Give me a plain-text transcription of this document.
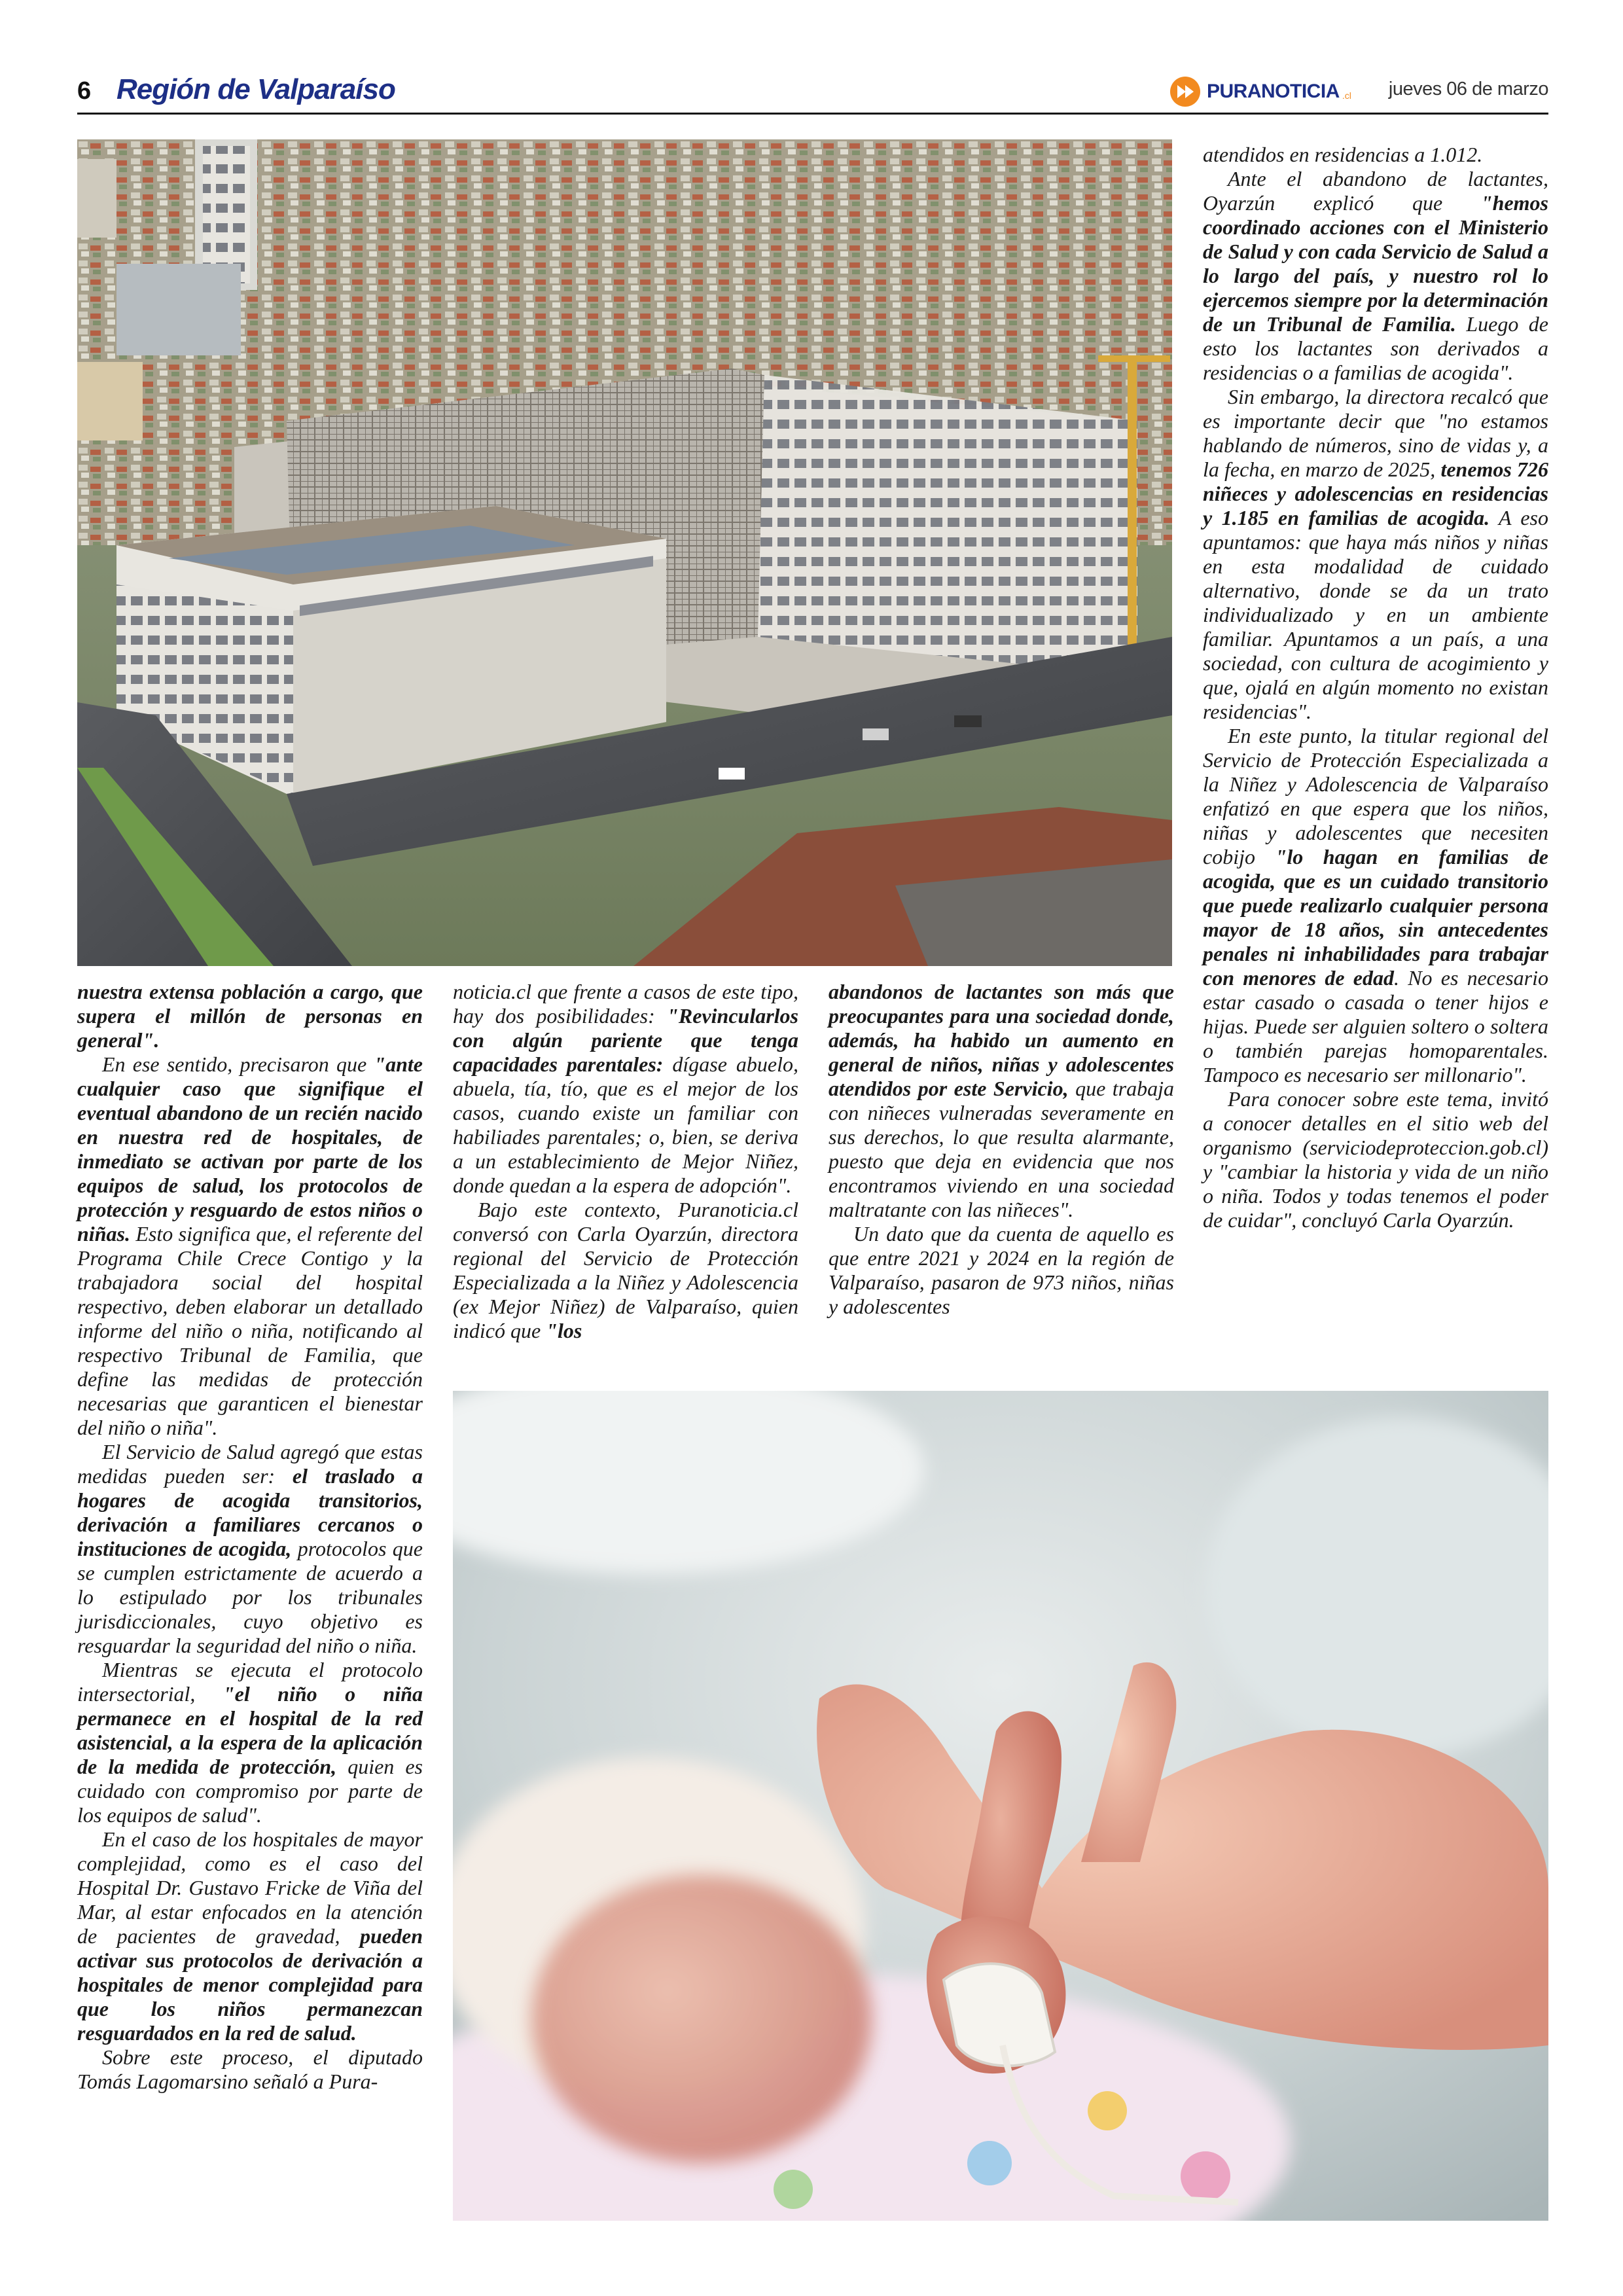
6 Región de Valparaíso	PURANOTICIA .cl jueves 06 de marzo

nuestra extensa población a cargo, que supera el millón de personas en general".

En ese sentido, precisaron que "ante cualquier caso que signifique el eventual abandono de un recién nacido en nuestra red de hospitales, de inmediato se activan por parte de los equipos de salud, los protocolos de protección y resguardo de estos niños o niñas. Esto significa que, el referente del Programa Chile Crece Contigo y la trabajadora social del hospital respectivo, deben elaborar un detallado informe del niño o niña, notificando al respectivo Tribunal de Familia, que define las medidas de protección necesarias que garanticen el bienestar del niño o niña".

El Servicio de Salud agregó que estas medidas pueden ser: el traslado a hogares de acogida transitorios, derivación a familiares cercanos o instituciones de acogida, protocolos que se cumplen estrictamente de acuerdo a lo estipulado por los tribunales jurisdiccionales, cuyo objetivo es resguardar la seguridad del niño o niña.

Mientras se ejecuta el protocolo intersectorial, "el niño o niña permanece en el hospital de la red asistencial, a la espera de la aplicación de la medida de protección, quien es cuidado con compromiso por parte de los equipos de salud".

En el caso de los hospitales de mayor complejidad, como es el caso del Hospital Dr. Gustavo Fricke de Viña del Mar, al estar enfocados en la atención de pacientes de gravedad, pueden activar sus protocolos de derivación a hospitales de menor complejidad para que los niños permanezcan resguardados en la red de salud.

Sobre este proceso, el diputado Tomás Lagomarsino señaló a Pura-

noticia.cl que frente a casos de este tipo, hay dos posibilidades: "Revincularlos con algún pariente que tenga capacidades parentales: dígase abuelo, abuela, tía, tío, que es el mejor de los casos, cuando existe un familiar con habiliades parentales; o, bien, se deriva a un establecimiento de Mejor Niñez, donde quedan a la espera de adopción".

Bajo este contexto, Puranoticia.cl conversó con Carla Oyarzún, directora regional del Servicio de Protección Especializada a la Niñez y Adolescencia (ex Mejor Niñez) de Valparaíso, quien indicó que "los

abandonos de lactantes son más que preocupantes para una sociedad donde, además, ha habido un aumento en general de niños, niñas y adolescentes atendidos por este Servicio, que trabaja con niñeces vulneradas severamente en sus derechos, lo que resulta alarmante, puesto que deja en evidencia que nos encontramos viviendo en una sociedad maltratante con las niñeces".

Un dato que da cuenta de aquello es que entre 2021 y 2024 en la región de Valparaíso, pasaron de 973 niños, niñas y adolescentes

atendidos en residencias a 1.012.

Ante el abandono de lactantes, Oyarzún explicó que "hemos coordinado acciones con el Ministerio de Salud y con cada Servicio de Salud a lo largo del país, y nuestro rol lo ejercemos siempre por la determinación de un Tribunal de Familia. Luego de esto los lactantes son derivados a residencias o a familias de acogida".

Sin embargo, la directora recalcó que es importante decir que "no estamos hablando de números, sino de vidas y, a la fecha, en marzo de 2025, tenemos 726 niñeces y adolescencias en residencias y 1.185 en familias de acogida. A eso apuntamos: que haya más niños y niñas en esta modalidad de cuidado alternativo, donde se da un trato individualizado y en un ambiente familiar. Apuntamos a un país, a una sociedad, con cultura de acogimiento y que, ojalá en algún momento no existan residencias".

En este punto, la titular regional del Servicio de Protección Especializada a la Niñez y Adolescencia de Valparaíso enfatizó en que espera que los niños, niñas y adolescentes que necesiten cobijo "lo hagan en familias de acogida, que es un cuidado transitorio que puede realizarlo cualquier persona mayor de 18 años, sin antecedentes penales ni inhabilidades para trabajar con menores de edad. No es necesario estar casado o casada o tener hijos e hijas. Puede ser alguien soltero o soltera o también parejas homoparentales. Tampoco es necesario ser millonario".

Para conocer sobre este tema, invitó a conocer detalles en el sitio web del organismo (serviciodeproteccion.gob.cl) y "cambiar la historia y vida de un niño o niña. Todos y todas tenemos el poder de cuidar", concluyó Carla Oyarzún.
